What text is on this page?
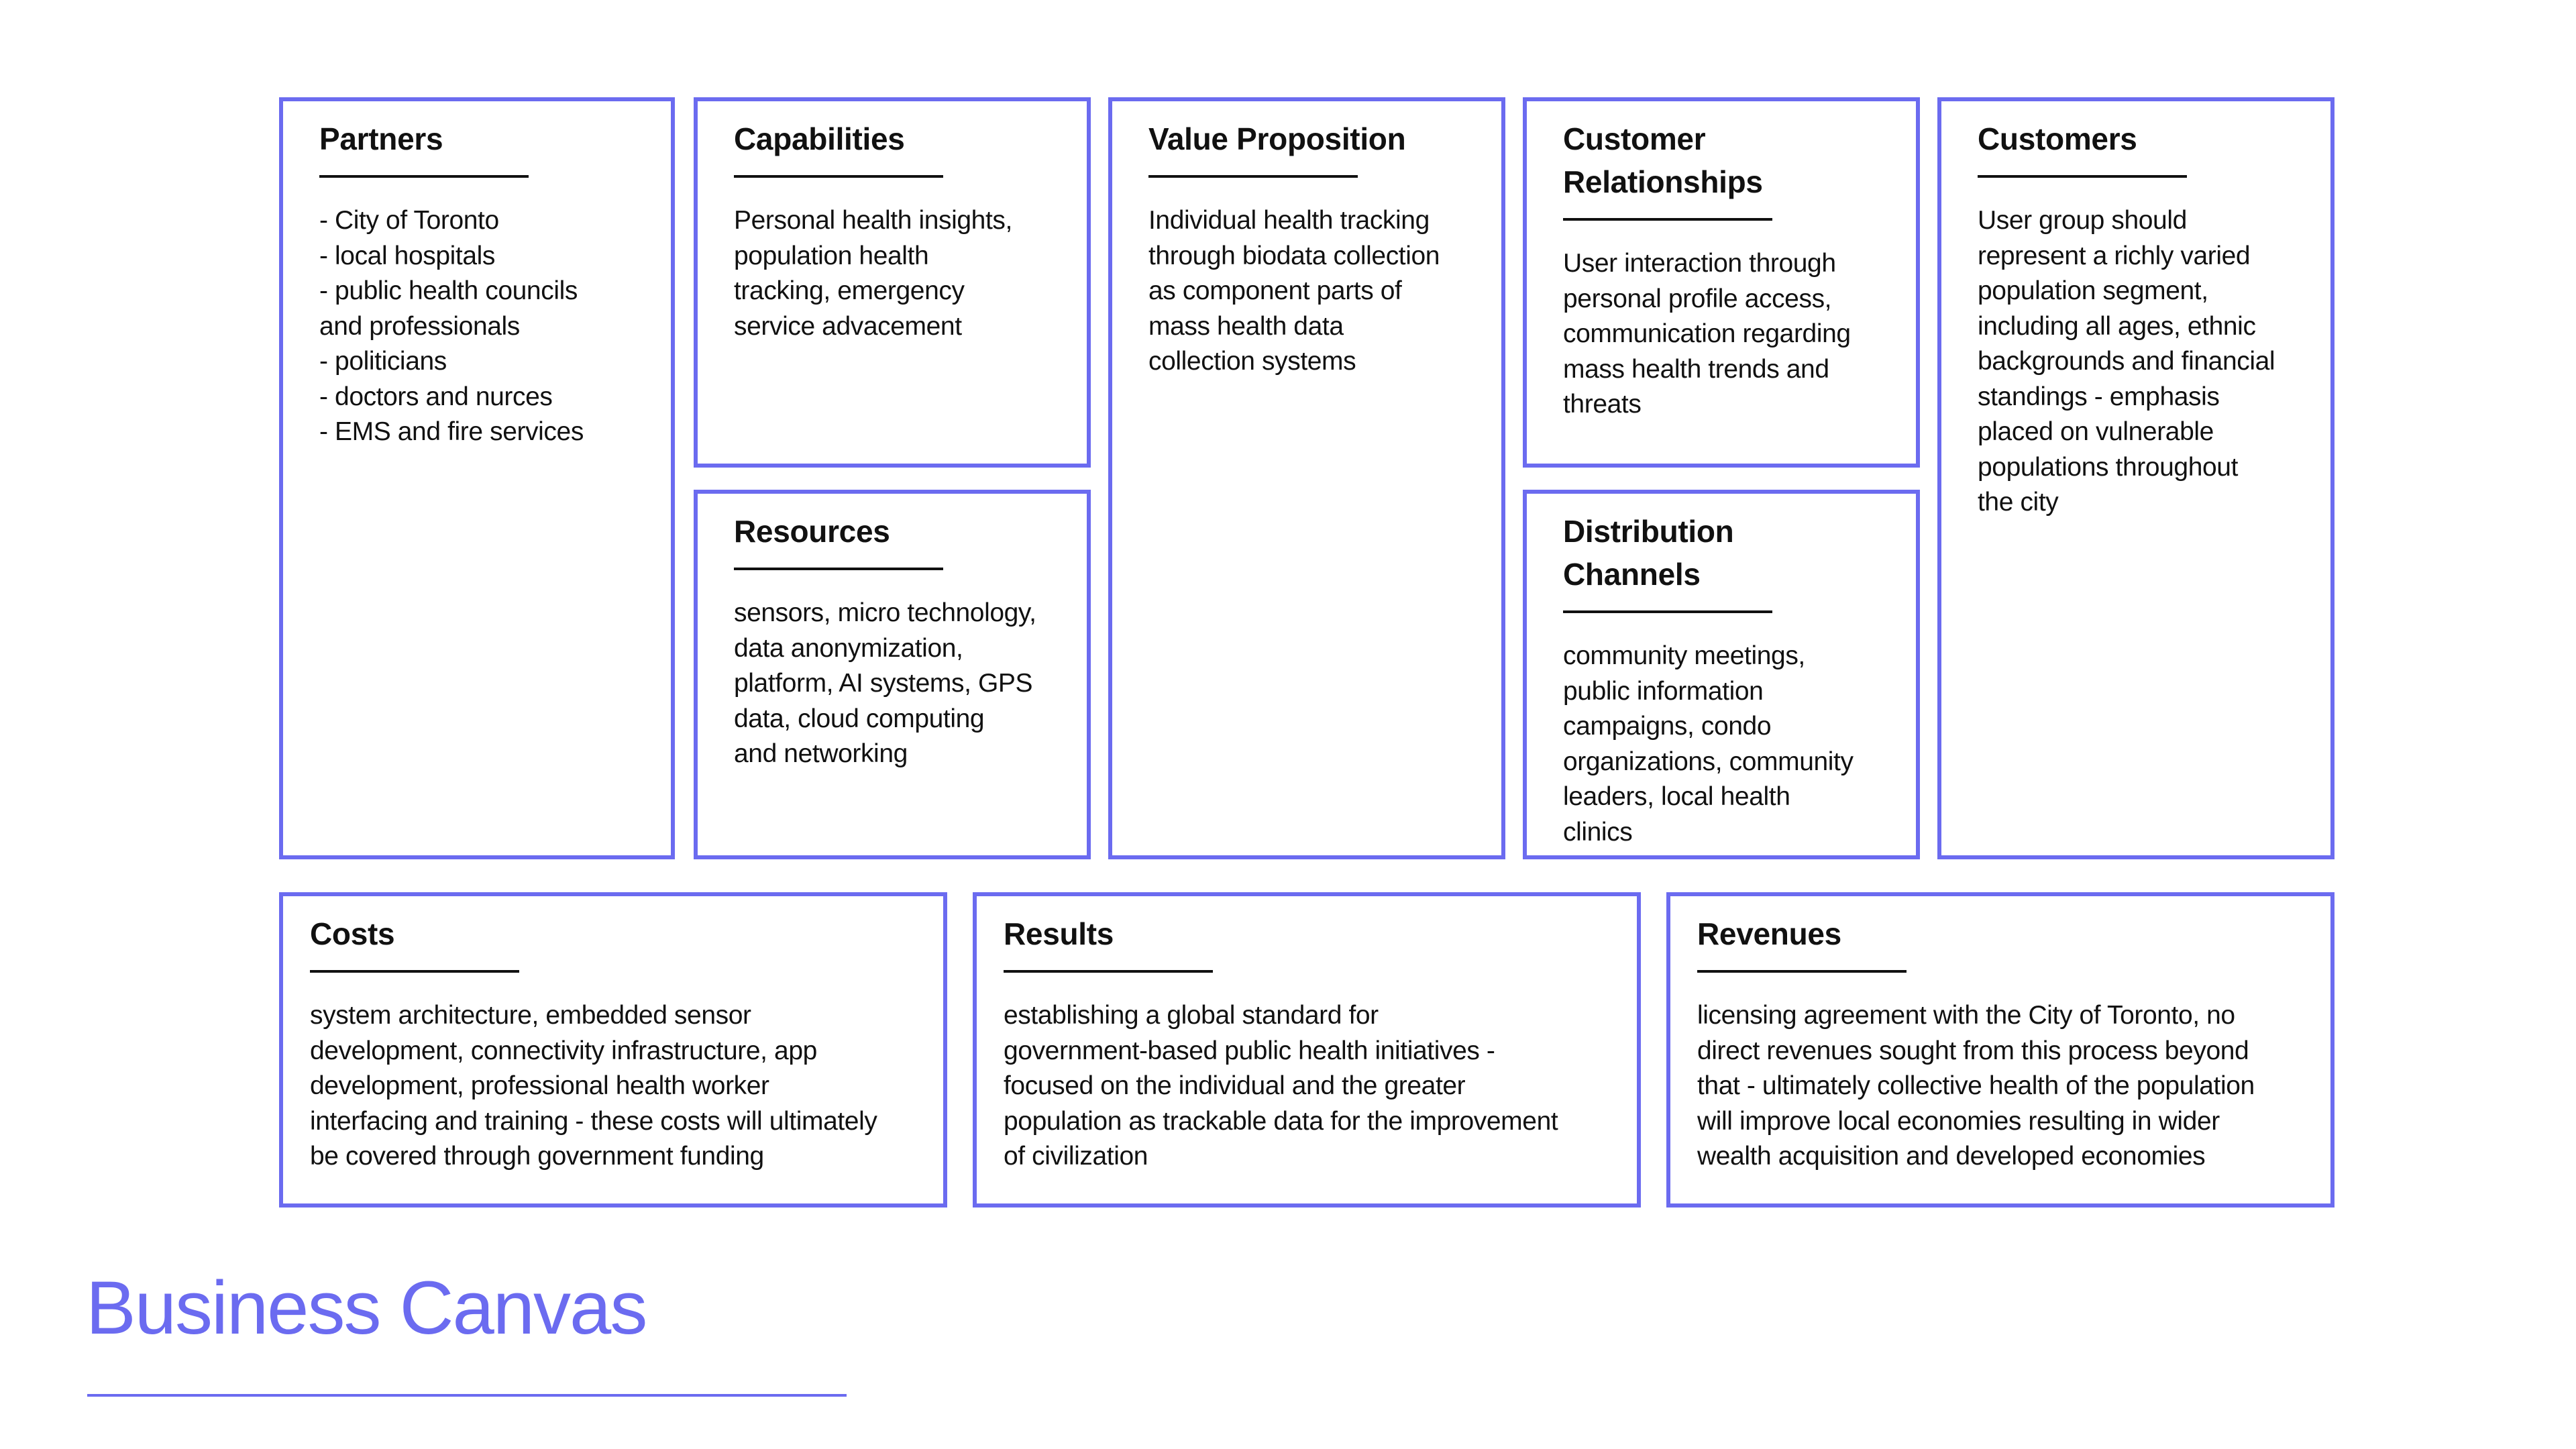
Partners

- City of Toronto
- local hospitals
- public health councils
and professionals
- politicians
- doctors and nurces
- EMS and fire services

Capabilities

Personal health insights,
population health
tracking, emergency
service advacement

Resources

sensors, micro technology,
data anonymization,
platform, AI systems, GPS
data, cloud computing
and networking

Value Proposition

Individual health tracking
through biodata collection
as component parts of
mass health data
collection systems

Customer
Relationships

User interaction through
personal profile access,
communication regarding
mass health trends and
threats

Distribution
Channels

community meetings,
public information
campaigns, condo
organizations, community
leaders, local health
clinics

Customers

User group should
represent a richly varied
population segment,
including all ages, ethnic
backgrounds and financial
standings - emphasis
placed on vulnerable
populations throughout
the city

Costs

system architecture, embedded sensor
development, connectivity infrastructure, app
development, professional health worker
interfacing and training - these costs will ultimately
be covered through government funding

Results

establishing a global standard for
government-based public health initiatives -
focused on the individual and the greater
population as trackable data for the improvement
of civilization

Revenues

licensing agreement with the City of Toronto, no
direct revenues sought from this process beyond
that - ultimately collective health of the population
will improve local economies resulting in wider
wealth acquisition and developed economies

Business Canvas
